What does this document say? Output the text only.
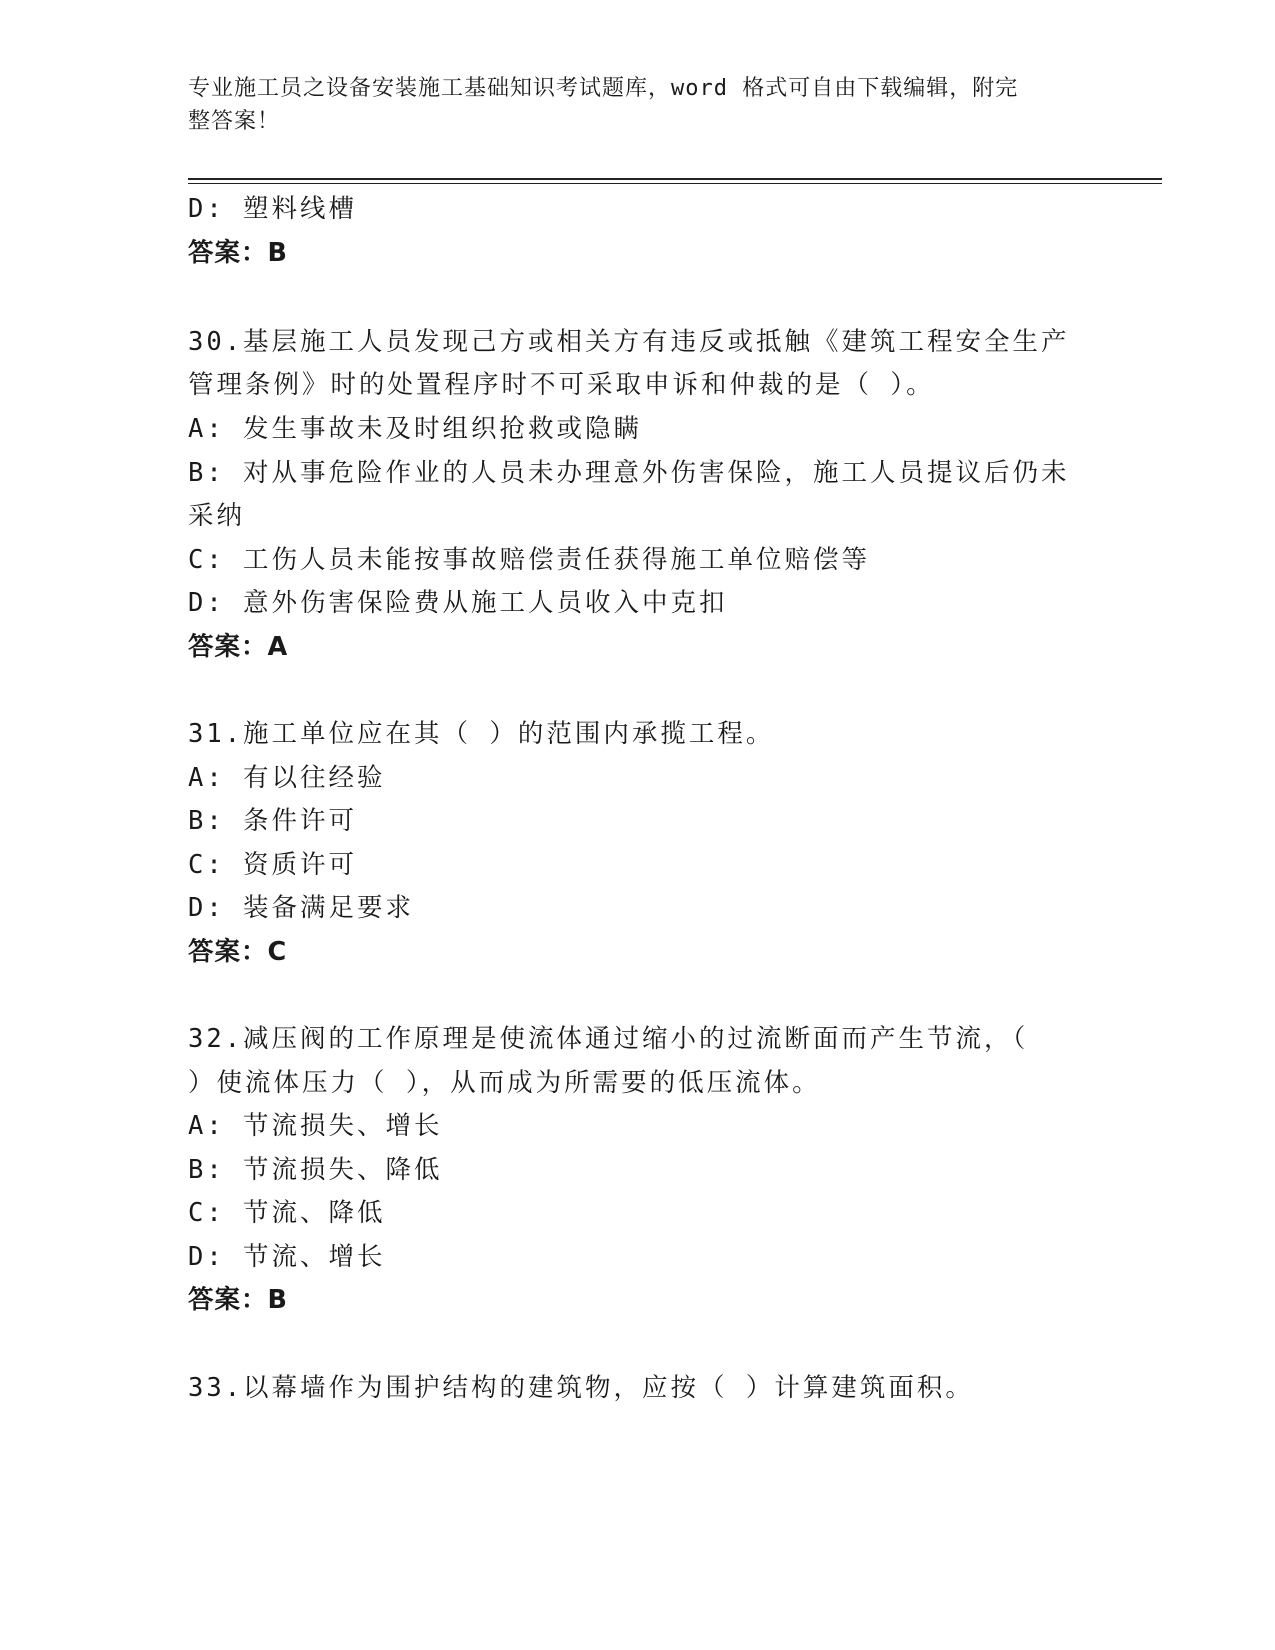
专业施工员之设备安装施工基础知识考试题库，word 格式可自由下载编辑，附完
整答案！
D: 塑料线槽
答案：B
30.基层施工人员发现己方或相关方有违反或抵触《建筑工程安全生产
管理条例》时的处置程序时不可采取申诉和仲裁的是（ ）。
A: 发生事故未及时组织抢救或隐瞒
B: 对从事危险作业的人员未办理意外伤害保险，施工人员提议后仍未
采纳
C: 工伤人员未能按事故赔偿责任获得施工单位赔偿等
D: 意外伤害保险费从施工人员收入中克扣
答案：A
31.施工单位应在其（ ）的范围内承揽工程。
A: 有以往经验
B: 条件许可
C: 资质许可
D: 装备满足要求
答案：C
32.减压阀的工作原理是使流体通过缩小的过流断面而产生节流，（
）使流体压力（ ），从而成为所需要的低压流体。
A: 节流损失、增长
B: 节流损失、降低
C: 节流、降低
D: 节流、增长
答案：B
33.以幕墙作为围护结构的建筑物，应按（ ）计算建筑面积。
